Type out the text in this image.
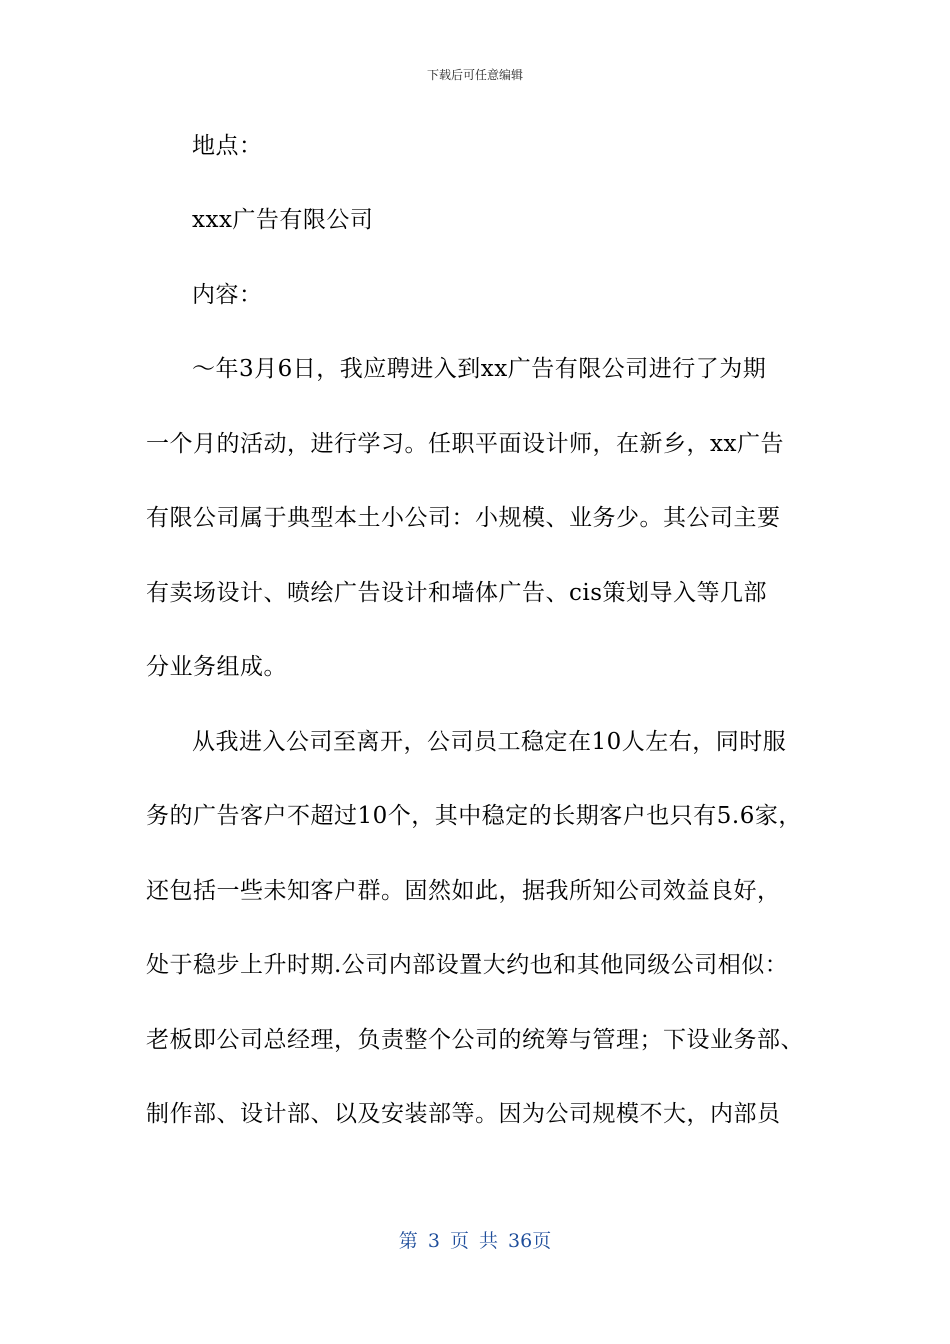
下载后可任意编辑
地点：
xxx广告有限公司
内容：
～年3月6日，我应聘进入到xx广告有限公司进行了为期
一个月的活动，进行学习。任职平面设计师，在新乡，xx广告
有限公司属于典型本土小公司：小规模、业务少。其公司主要
有卖场设计、喷绘广告设计和墙体广告、cis策划导入等几部
分业务组成。
从我进入公司至离开，公司员工稳定在10人左右，同时服
务的广告客户不超过10个，其中稳定的长期客户也只有5.6家，
还包括一些未知客户群。固然如此，据我所知公司效益良好，
处于稳步上升时期.公司内部设置大约也和其他同级公司相似：
老板即公司总经理，负责整个公司的统筹与管理；下设业务部、
制作部、设计部、以及安装部等。因为公司规模不大，内部员
第 3 页 共 36页
